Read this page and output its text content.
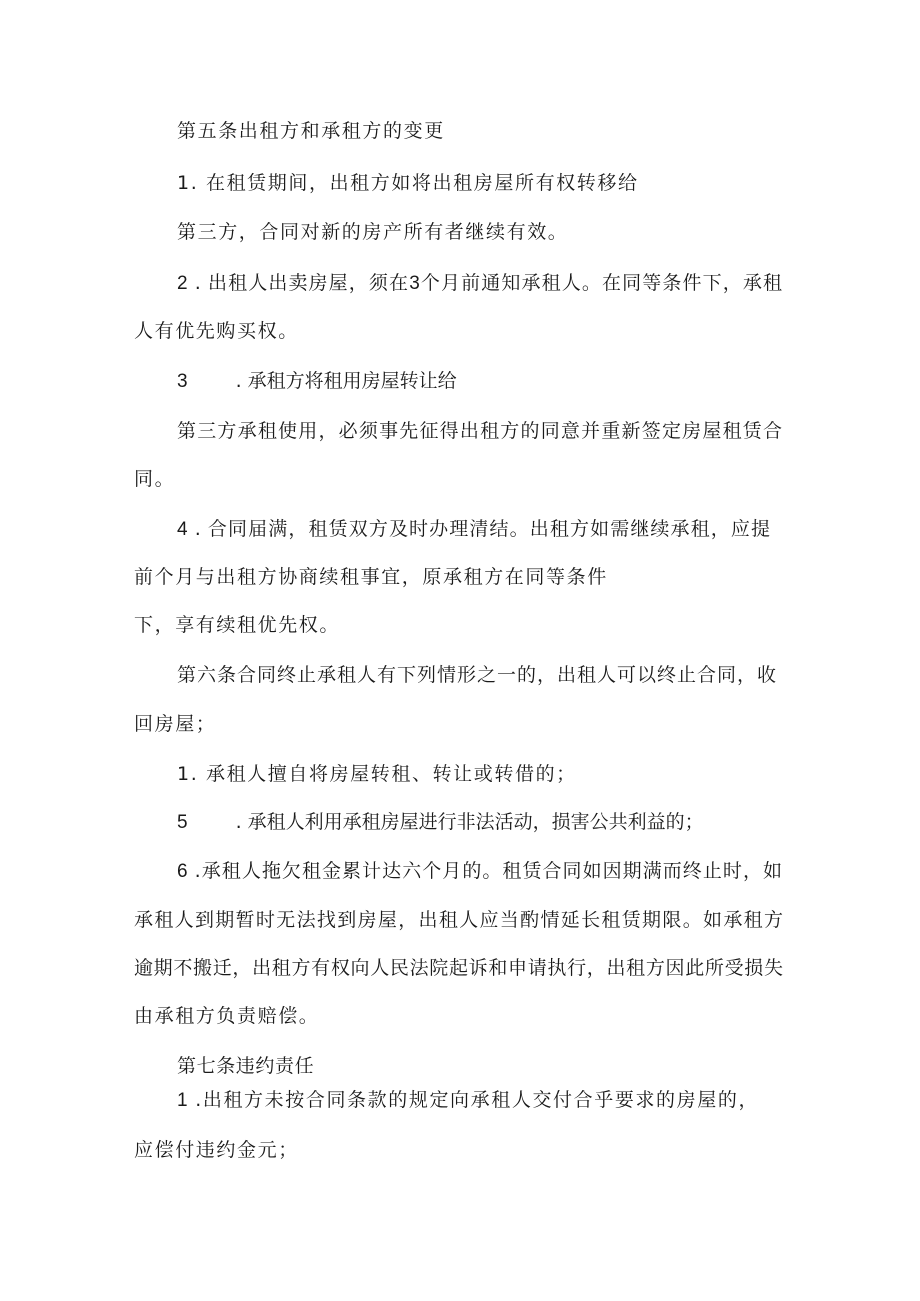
第五条出租方和承租方的变更

1. 在租赁期间，出租方如将出租房屋所有权转移给

第三方，合同对新的房产所有者继续有效。

2 . 出租人出卖房屋，须在3个月前通知承租人。在同等条件下，承租

人有优先购买权。

3	. 承租方将租用房屋转让给

第三方承租使用，必须事先征得出租方的同意并重新签定房屋租赁合

同。

4 . 合同届满，租赁双方及时办理清结。出租方如需继续承租，应提

前个月与出租方协商续租事宜，原承租方在同等条件

下，享有续租优先权。

第六条合同终止承租人有下列情形之一的，出租人可以终止合同，收

回房屋；

1. 承租人擅自将房屋转租、转让或转借的；

5	. 承租人利用承租房屋进行非法活动，损害公共利益的；

6 .承租人拖欠租金累计达六个月的。租赁合同如因期满而终止时，如

承租人到期暂时无法找到房屋，出租人应当酌情延长租赁期限。如承租方

逾期不搬迁，出租方有权向人民法院起诉和申请执行，出租方因此所受损失

由承租方负责赔偿。

第七条违约责任

1 .出租方未按合同条款的规定向承租人交付合乎要求的房屋的，

应偿付违约金元；
